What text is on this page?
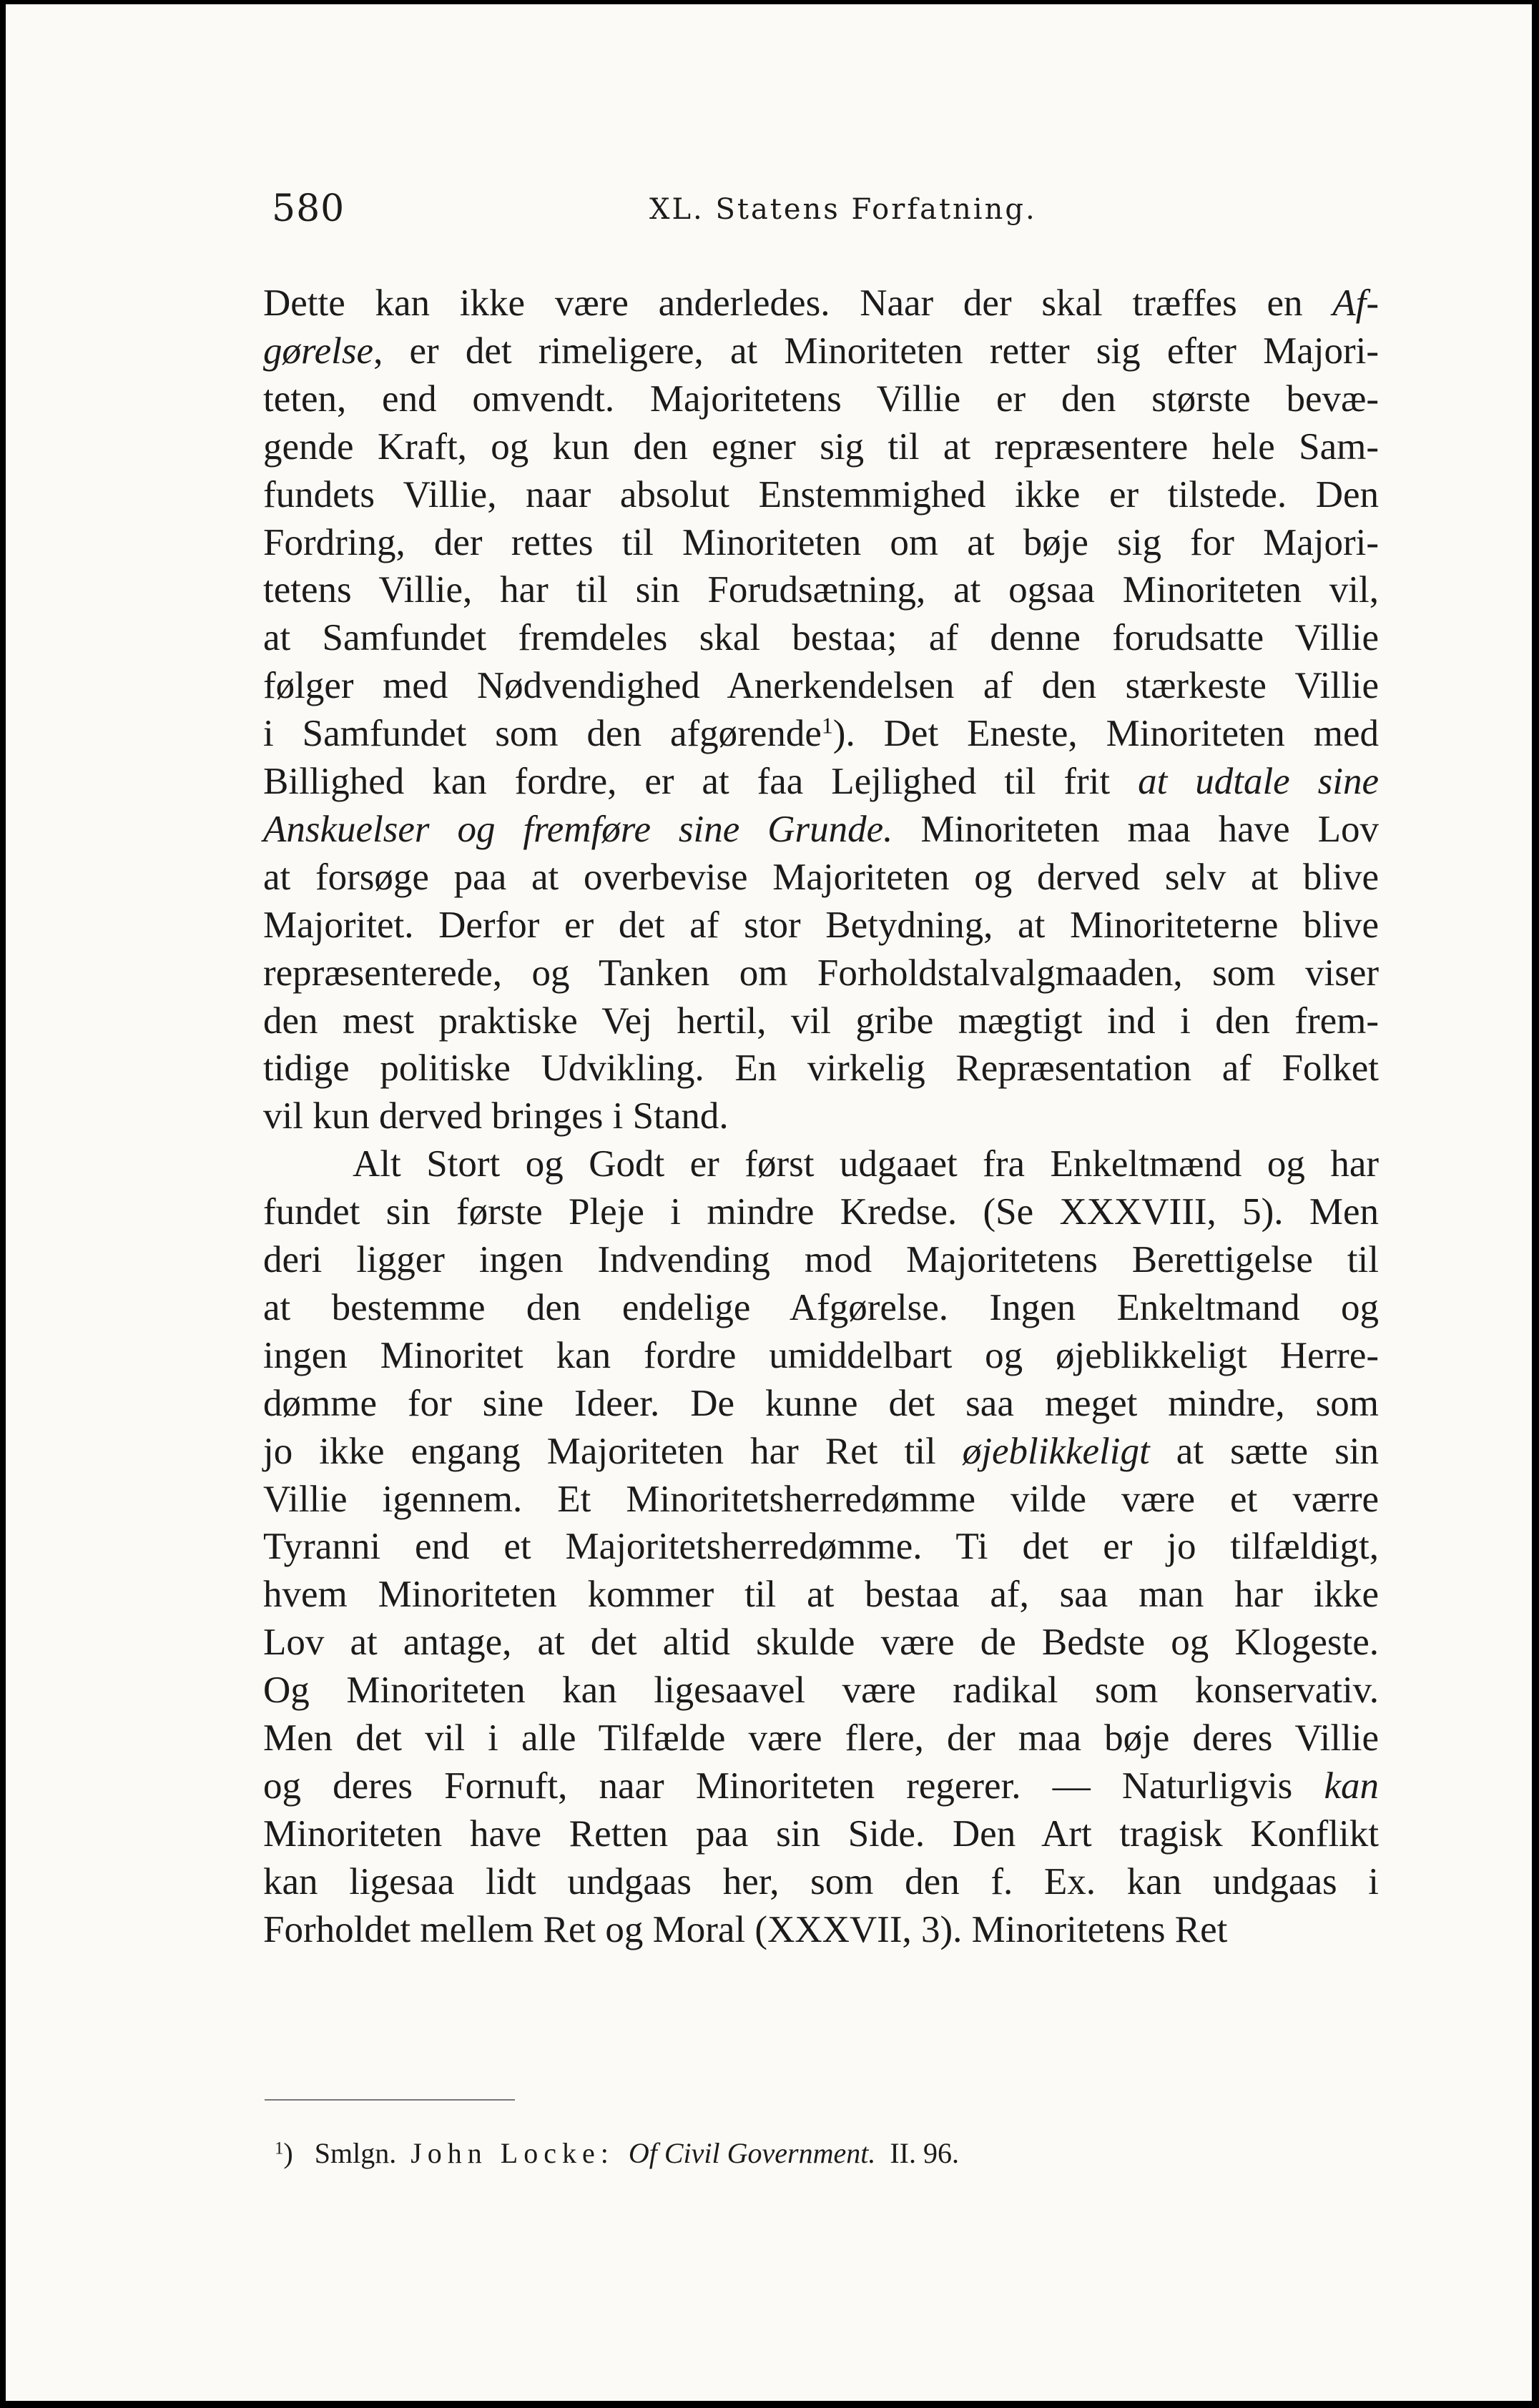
580	XL. Statens Forfatning.
Dette kan ikke være anderledes. Naar der skal træffes en Af-
gørelse, er det rimeligere, at Minoriteten retter sig efter Majori-
teten, end omvendt. Majoritetens Villie er den største bevæ-
gende Kraft, og kun den egner sig til at repræsentere hele Sam-
fundets Villie, naar absolut Enstemmighed ikke er tilstede. Den
Fordring, der rettes til Minoriteten om at bøje sig for Majori-
tetens Villie, har til sin Forudsætning, at ogsaa Minoriteten vil,
at Samfundet fremdeles skal bestaa; af denne forudsatte Villie
følger med Nødvendighed Anerkendelsen af den stærkeste Villie
i Samfundet som den afgørende$^1$). Det Eneste, Minoriteten med
Billighed kan fordre, er at faa Lejlighed til frit at udtale sine
Anskuelser og fremføre sine Grunde. Minoriteten maa have Lov
at forsøge paa at overbevise Majoriteten og derved selv at blive
Majoritet. Derfor er det af stor Betydning, at Minoriteterne blive
repræsenterede, og Tanken om Forholdstalvalgmaaden, som viser
den mest praktiske Vej hertil, vil gribe mægtigt ind i den frem-
tidige politiske Udvikling. En virkelig Repræsentation af Folket
vil kun derved bringes i Stand.
Alt Stort og Godt er først udgaaet fra Enkeltmænd og har
fundet sin første Pleje i mindre Kredse. (Se XXXVIII, 5). Men
deri ligger ingen Indvending mod Majoritetens Berettigelse til
at bestemme den endelige Afgørelse. Ingen Enkeltmand og
ingen Minoritet kan fordre umiddelbart og øjeblikkeligt Herre-
dømme for sine Ideer. De kunne det saa meget mindre, som
jo ikke engang Majoriteten har Ret til øjeblikkeligt at sætte sin
Villie igennem. Et Minoritetsherredømme vilde være et værre
Tyranni end et Majoritetsherredømme. Ti det er jo tilfældigt,
hvem Minoriteten kommer til at bestaa af, saa man har ikke
Lov at antage, at det altid skulde være de Bedste og Klogeste.
Og Minoriteten kan ligesaavel være radikal som konservativ.
Men det vil i alle Tilfælde være flere, der maa bøje deres Villie
og deres Fornuft, naar Minoriteten regerer. — Naturligvis kan
Minoriteten have Retten paa sin Side. Den Art tragisk Konflikt
kan ligesaa lidt undgaas her, som den f. Ex. kan undgaas i
Forholdet mellem Ret og Moral (XXXVII, 3). Minoritetens Ret
$^1$) Smlgn. John Locke: Of Civil Government. II. 96.
